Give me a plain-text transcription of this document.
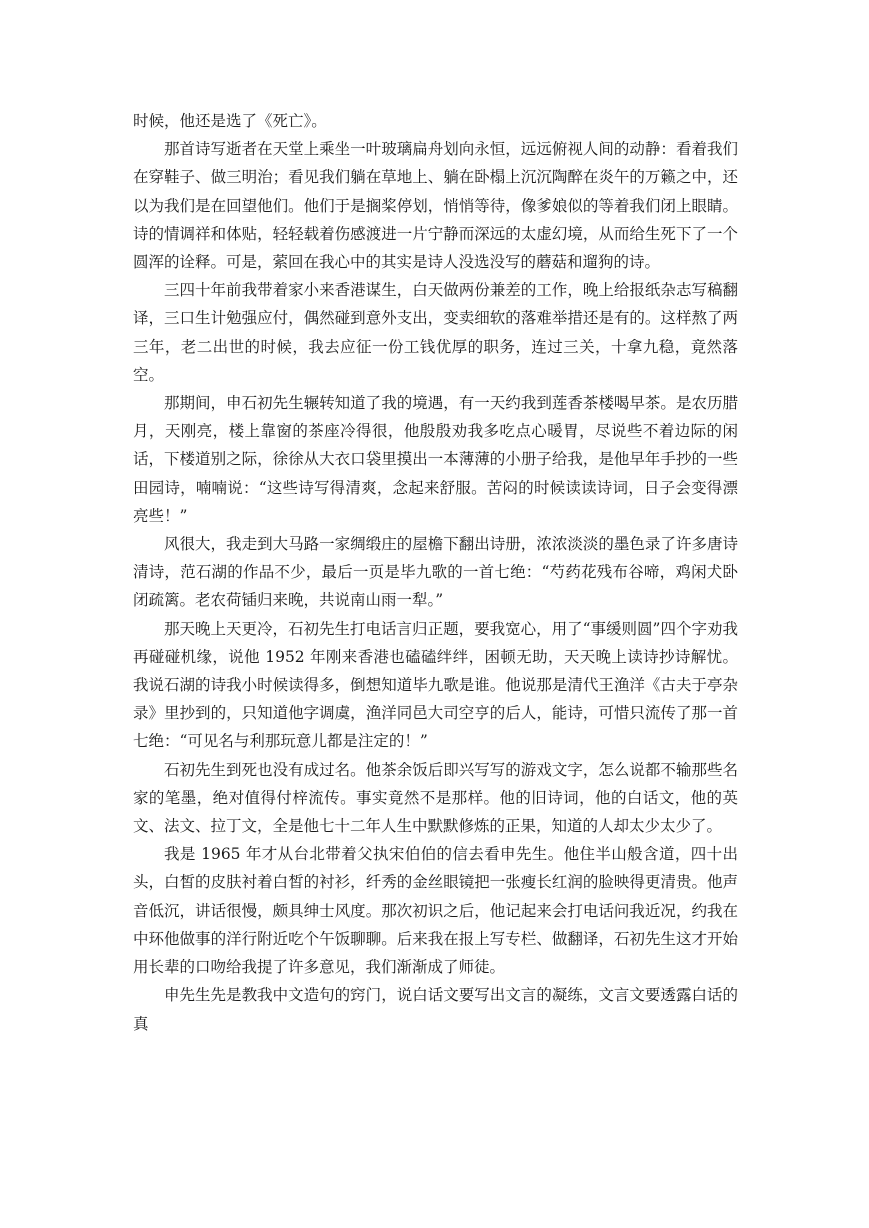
时候，他还是选了《死亡》。

那首诗写逝者在天堂上乘坐一叶玻璃扁舟划向永恒，远远俯视人间的动静：看着我们在穿鞋子、做三明治；看见我们躺在草地上、躺在卧榻上沉沉陶醉在炎午的万籁之中，还以为我们是在回望他们。他们于是搁桨停划，悄悄等待，像爹娘似的等着我们闭上眼睛。诗的情调祥和体贴，轻轻载着伤感渡进一片宁静而深远的太虚幻境，从而给生死下了一个圆浑的诠释。可是，萦回在我心中的其实是诗人没选没写的蘑菇和遛狗的诗。

三四十年前我带着家小来香港谋生，白天做两份兼差的工作，晚上给报纸杂志写稿翻译，三口生计勉强应付，偶然碰到意外支出，变卖细软的落难举措还是有的。这样熬了两三年，老二出世的时候，我去应征一份工钱优厚的职务，连过三关，十拿九稳，竟然落空。

那期间，申石初先生辗转知道了我的境遇，有一天约我到莲香茶楼喝早茶。是农历腊月，天刚亮，楼上靠窗的茶座冷得很，他殷殷劝我多吃点心暖胃，尽说些不着边际的闲话，下楼道别之际，徐徐从大衣口袋里摸出一本薄薄的小册子给我，是他早年手抄的一些田园诗，喃喃说：“这些诗写得清爽，念起来舒服。苦闷的时候读读诗词，日子会变得漂亮些！”

风很大，我走到大马路一家绸缎庄的屋檐下翻出诗册，浓浓淡淡的墨色录了许多唐诗清诗，范石湖的作品不少，最后一页是毕九歌的一首七绝：“芍药花残布谷啼，鸡闲犬卧闭疏篱。老农荷锸归来晚，共说南山雨一犁。”

那天晚上天更冷，石初先生打电话言归正题，要我宽心，用了“事缓则圆”四个字劝我再碰碰机缘，说他 1952 年刚来香港也磕磕绊绊，困顿无助，天天晚上读诗抄诗解忧。我说石湖的诗我小时候读得多，倒想知道毕九歌是谁。他说那是清代王渔洋《古夫于亭杂录》里抄到的，只知道他字调虞，渔洋同邑大司空亨的后人，能诗，可惜只流传了那一首七绝：“可见名与利那玩意儿都是注定的！”

石初先生到死也没有成过名。他茶余饭后即兴写写的游戏文字，怎么说都不输那些名家的笔墨，绝对值得付梓流传。事实竟然不是那样。他的旧诗词，他的白话文，他的英文、法文、拉丁文，全是他七十二年人生中默默修炼的正果，知道的人却太少太少了。

我是 1965 年才从台北带着父执宋伯伯的信去看申先生。他住半山般含道，四十出头，白皙的皮肤衬着白皙的衬衫，纤秀的金丝眼镜把一张瘦长红润的脸映得更清贵。他声音低沉，讲话很慢，颇具绅士风度。那次初识之后，他记起来会打电话问我近况，约我在中环他做事的洋行附近吃个午饭聊聊。后来我在报上写专栏、做翻译，石初先生这才开始用长辈的口吻给我提了许多意见，我们渐渐成了师徒。

申先生先是教我中文造句的窍门，说白话文要写出文言的凝练，文言文要透露白话的真
